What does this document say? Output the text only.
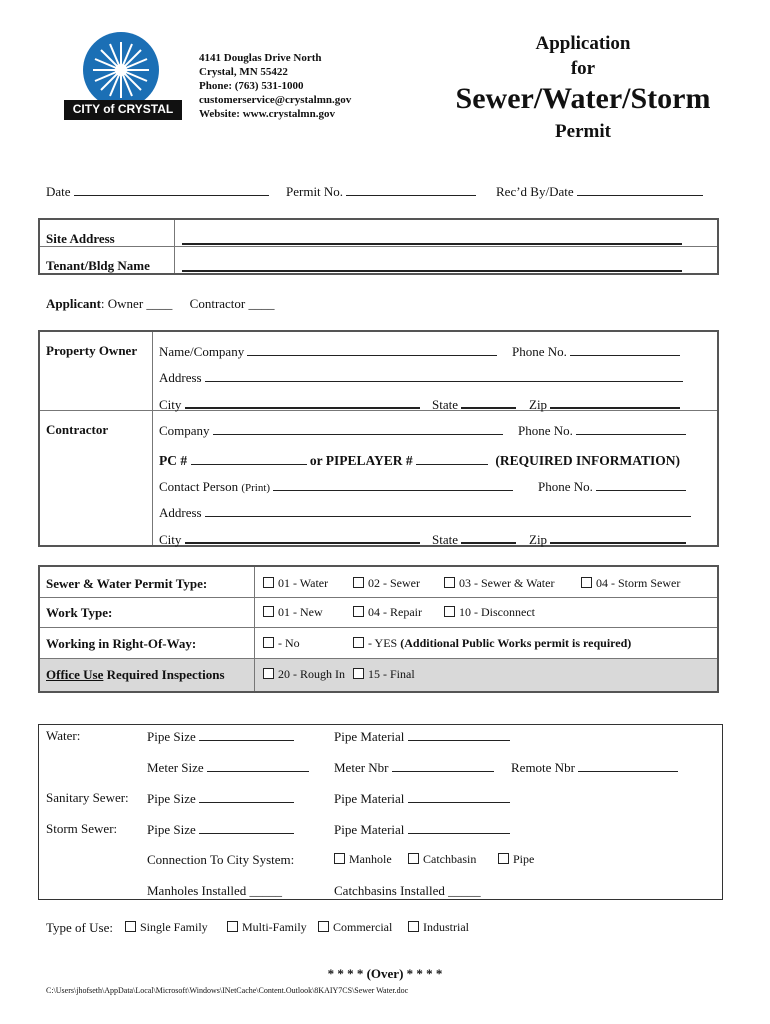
CITY of CRYSTAL
4141 Douglas Drive North
Crystal, MN 55422
Phone: (763) 531-1000
customerservice@crystalmn.gov
Website: www.crystalmn.gov
Application
for
Sewer/Water/Storm
Permit
Date	Permit No.	Rec’d By/Date
Site Address
Tenant/Bldg Name
Applicant: Owner ____ Contractor ____
Property Owner Name/Company	Phone No.
Address
City	State	Zip
Contractor	Company	Phone No.
PC #	or PIPELAYER #	(REQUIRED INFORMATION)
Contact Person (Print)	Phone No.
Address
City	State	Zip
Sewer & Water Permit Type:	01 - Water	02 - Sewer	03 - Sewer & Water	04 - Storm Sewer
Work Type:	01 - New	04 - Repair	10 - Disconnect
Working in Right-Of-Way:	- No	- YES (Additional Public Works permit is required)
Office Use Required Inspections	20 - Rough In	15 - Final
Water:	Pipe Size	Pipe Material
Meter Size	Meter Nbr	Remote Nbr
Sanitary Sewer: Pipe Size	Pipe Material
Storm Sewer: Pipe Size	Pipe Material
Connection To City System:	Manhole	Catchbasin	Pipe
Manholes Installed _____	Catchbasins Installed _____
Type of Use:	Single Family	Multi-Family	Commercial	Industrial
* * * * (Over) * * * *
C:\Users\jhofseth\AppData\Local\Microsoft\Windows\INetCache\Content.Outlook\8KAIY7CS\Sewer Water.doc
